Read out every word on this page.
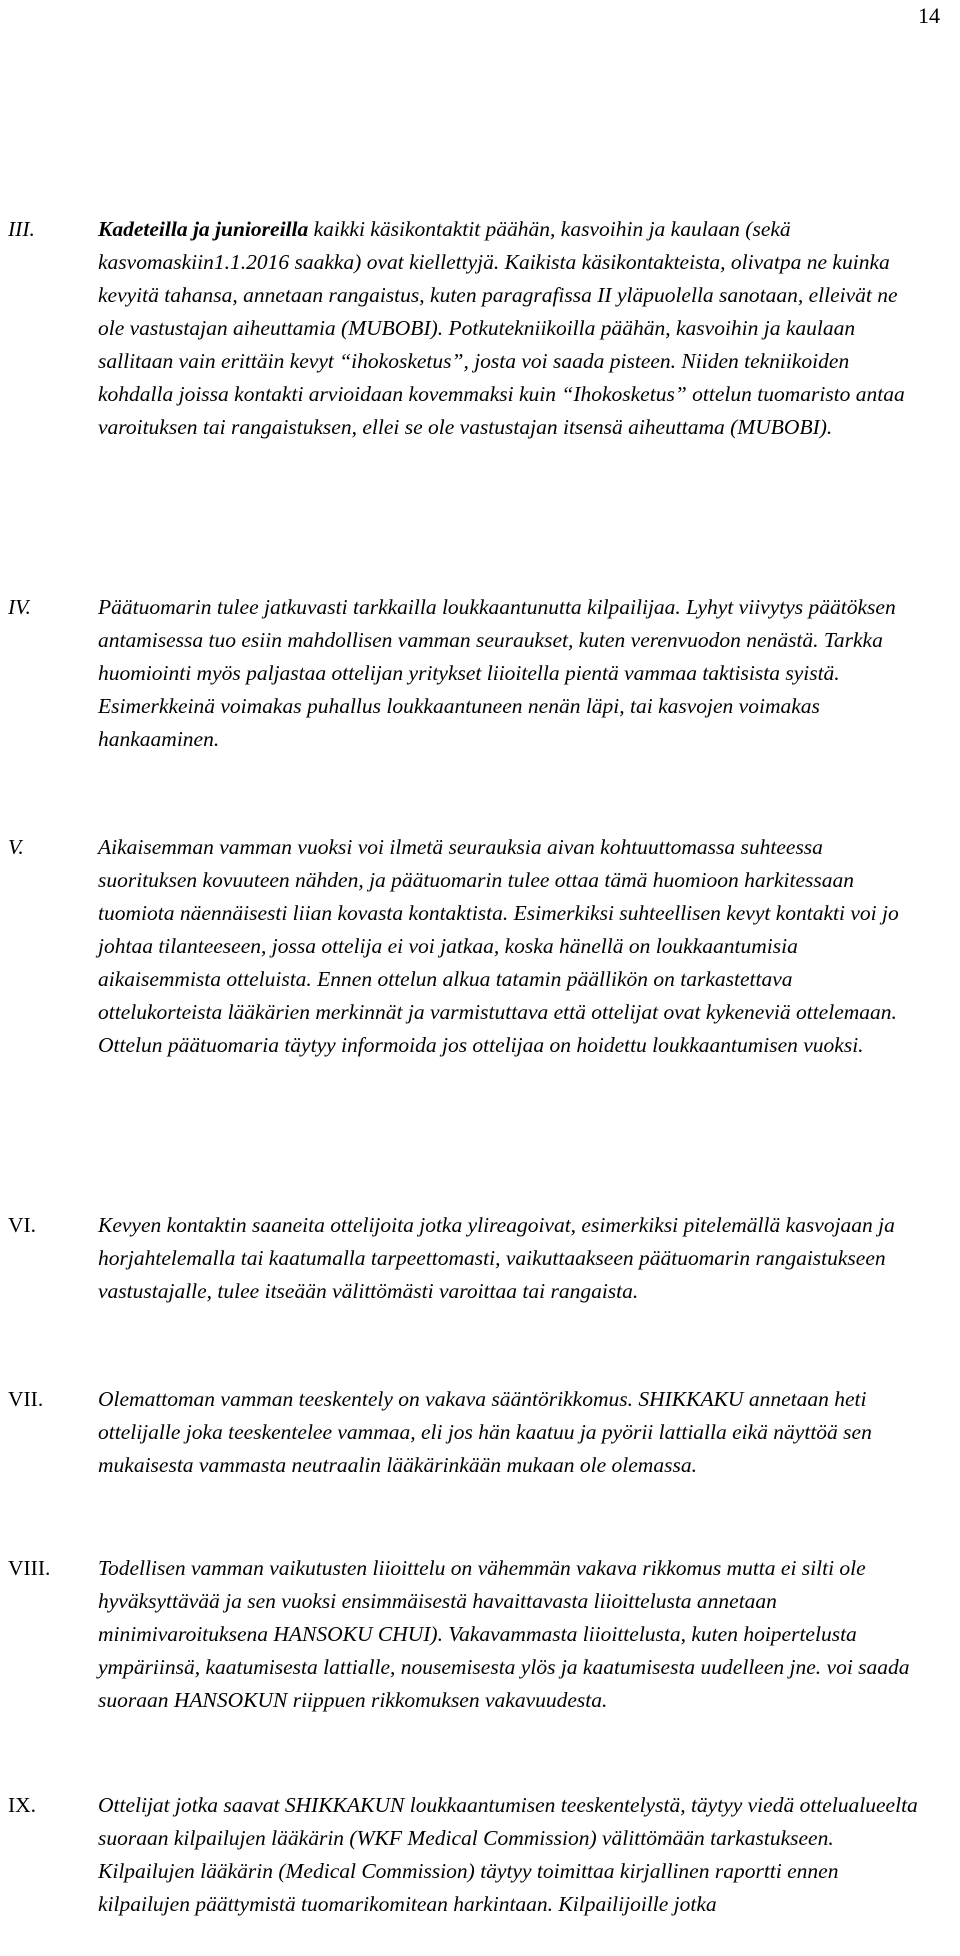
14
III.	Kadeteilla ja junioreilla kaikki käsikontaktit päähän, kasvoihin ja kaulaan (sekä kasvomaskiin1.1.2016 saakka) ovat kiellettyjä. Kaikista käsikontakteista, olivatpa ne kuinka kevyitä tahansa, annetaan rangaistus, kuten paragrafissa II yläpuolella sanotaan, elleivät ne ole vastustajan aiheuttamia (MUBOBI). Potkutekniikoilla päähän, kasvoihin ja kaulaan sallitaan vain erittäin kevyt “ihokosketus”, josta voi saada pisteen. Niiden tekniikoiden kohdalla joissa kontakti arvioidaan kovemmaksi kuin “Ihokosketus” ottelun tuomaristo antaa varoituksen tai rangaistuksen, ellei se ole vastustajan itsensä aiheuttama (MUBOBI).

IV.	Päätuomarin tulee jatkuvasti tarkkailla loukkaantunutta kilpailijaa. Lyhyt viivytys päätöksen antamisessa tuo esiin mahdollisen vamman seuraukset, kuten verenvuodon nenästä. Tarkka huomiointi myös paljastaa ottelijan yritykset liioitella pientä vammaa taktisista syistä. Esimerkkeinä voimakas puhallus loukkaantuneen nenän läpi, tai kasvojen voimakas hankaaminen.

V.	Aikaisemman vamman vuoksi voi ilmetä seurauksia aivan kohtuuttomassa suhteessa suorituksen kovuuteen nähden, ja päätuomarin tulee ottaa tämä huomioon harkitessaan tuomiota näennäisesti liian kovasta kontaktista. Esimerkiksi suhteellisen kevyt kontakti voi jo johtaa tilanteeseen, jossa ottelija ei voi jatkaa, koska hänellä on loukkaantumisia aikaisemmista otteluista. Ennen ottelun alkua tatamin päällikön on tarkastettava ottelukorteista lääkärien merkinnät ja varmistuttava että ottelijat ovat kykeneviä ottelemaan. Ottelun päätuomaria täytyy informoida jos ottelijaa on hoidettu loukkaantumisen vuoksi.

VI.	Kevyen kontaktin saaneita ottelijoita jotka ylireagoivat, esimerkiksi pitelemällä kasvojaan ja horjahtelemalla tai kaatumalla tarpeettomasti, vaikuttaakseen päätuomarin rangaistukseen vastustajalle, tulee itseään välittömästi varoittaa tai rangaista.

VII.	Olemattoman vamman teeskentely on vakava sääntörikkomus. SHIKKAKU annetaan heti ottelijalle joka teeskentelee vammaa, eli jos hän kaatuu ja pyörii lattialla eikä näyttöä sen mukaisesta vammasta neutraalin lääkärinkään mukaan ole olemassa.

VIII. Todellisen vamman vaikutusten liioittelu on vähemmän vakava rikkomus mutta ei silti ole hyväksyttävää ja sen vuoksi ensimmäisestä havaittavasta liioittelusta annetaan minimivaroituksena HANSOKU CHUI). Vakavammasta liioittelusta, kuten hoipertelusta ympäriinsä, kaatumisesta lattialle, nousemisesta ylös ja kaatumisesta uudelleen jne. voi saada suoraan HANSOKUN riippuen rikkomuksen vakavuudesta.

IX.	Ottelijat jotka saavat SHIKKAKUN loukkaantumisen teeskentelystä, täytyy viedä ottelualueelta suoraan kilpailujen lääkärin (WKF Medical Commission) välittömään tarkastukseen. Kilpailujen lääkärin (Medical Commission) täytyy toimittaa kirjallinen raportti ennen kilpailujen päättymistä tuomarikomitean harkintaan. Kilpailijoille jotka
